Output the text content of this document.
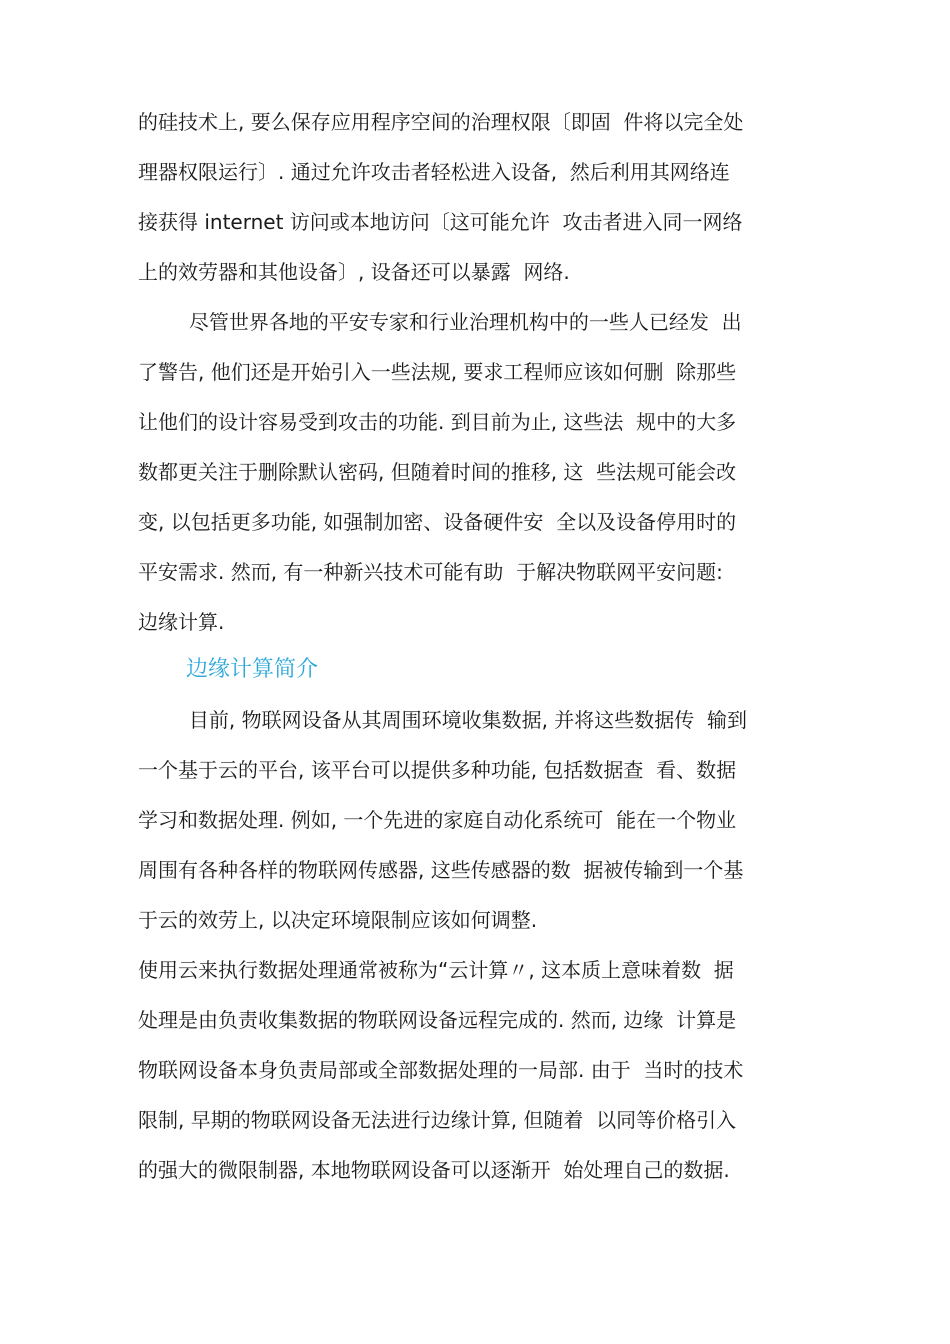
的硅技术上, 要么保存应用程序空间的治理权限〔即固  件将以完全处
理器权限运行〕. 通过允许攻击者轻松进入设备,  然后利用其网络连
接获得 internet 访问或本地访问〔这可能允许  攻击者进入同一网络
上的效劳器和其他设备〕, 设备还可以暴露  网络.
尽管世界各地的平安专家和行业治理机构中的一些人已经发  出
了警告, 他们还是开始引入一些法规, 要求工程师应该如何删  除那些
让他们的设计容易受到攻击的功能. 到目前为止, 这些法  规中的大多
数都更关注于删除默认密码, 但随着时间的推移, 这  些法规可能会改
变, 以包括更多功能, 如强制加密、设备硬件安  全以及设备停用时的
平安需求. 然而, 有一种新兴技术可能有助  于解决物联网平安问题:
边缘计算.
边缘计算简介
目前, 物联网设备从其周围环境收集数据, 并将这些数据传  输到
一个基于云的平台, 该平台可以提供多种功能, 包括数据查  看、数据
学习和数据处理. 例如, 一个先进的家庭自动化系统可  能在一个物业
周围有各种各样的物联网传感器, 这些传感器的数  据被传输到一个基
于云的效劳上, 以决定环境限制应该如何调整.
使用云来执行数据处理通常被称为“云计算〃, 这本质上意味着数  据
处理是由负责收集数据的物联网设备远程完成的. 然而, 边缘  计算是
物联网设备本身负责局部或全部数据处理的一局部. 由于  当时的技术
限制, 早期的物联网设备无法进行边缘计算, 但随着  以同等价格引入
的强大的微限制器, 本地物联网设备可以逐渐开  始处理自己的数据.
